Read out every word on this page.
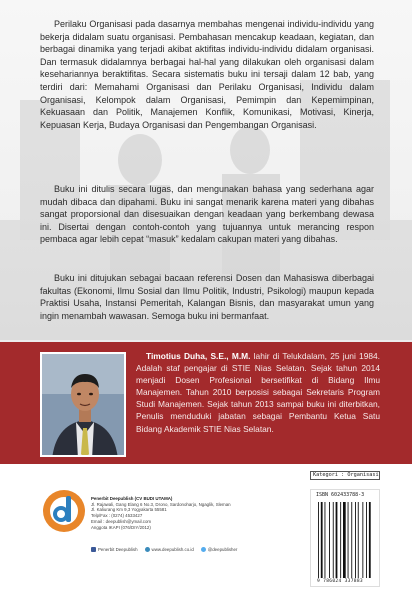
Perilaku Organisasi pada dasarnya membahas mengenai individu-individu yang bekerja didalam suatu organisasi. Pembahasan mencakup keadaan, kegiatan, dan berbagai dinamika yang terjadi akibat aktifitas individu-individu didalam organisasi. Dan termasuk didalamnya berbagai hal-hal yang dilakukan oleh organisasi dalam kesehariannya beraktifitas. Secara sistematis buku ini tersaji dalam 12 bab, yang terdiri dari: Memahami Organisasi dan Perilaku Organisasi, Individu dalam Organisasi, Kelompok dalam Organisasi, Pemimpin dan Kepemimpinan, Kekuasaan dan Politik, Manajemen Konflik, Komunikasi, Motivasi, Kinerja, Kepuasan Kerja, Budaya Organisasi dan Pengembangan Organisasi.

Buku ini ditulis secara lugas, dan mengunakan bahasa yang sederhana agar mudah dibaca dan dipahami. Buku ini sangat menarik karena materi yang dibahas sangat proporsional dan disesuaikan dengan keadaan yang berkembang dewasa ini. Disertai dengan contoh-contoh yang tujuannya untuk merancing respon pembaca agar lebih cepat “masuk” kedalam cakupan materi yang dibahas.

Buku ini ditujukan sebagai bacaan referensi Dosen dan Mahasiswa diberbagai fakultas (Ekonomi, Ilmu Sosial dan Ilmu Politik, Industri, Psikologi) maupun kepada Praktisi Usaha, Instansi Pemeritah, Kalangan Bisnis, dan masyarakat umun yang ingin menambah wawasan. Semoga buku ini bermanfaat.

Timotius Duha, S.E., M.M. lahir di Telukdalam, 25 juni 1984. Adalah staf pengajar di STIE Nias Selatan. Sejak tahun 2014 menjadi Dosen Profesional bersetifikat di Bidang Ilmu Manajemen. Tahun 2010 berposisi sebagai Sekretaris Program Studi Manajemen. Sejak tahun 2013 sampai buku ini diterbitkan, Penulis menduduki jabatan sebagai Pembantu Ketua Satu Bidang Akademik STIE Nias Selatan.

Penerbit Deepublish (CV BUDI UTAMA)
Jl. Rajawali, Gang Elang 6 No.3, Drono, Sardonoharjo, Ngaglik, Sleman
Jl. Kaliurang Km 9,3 Yogyakarta 55581
Telp/Fax : (0274) 4533427
Email : deepublish@ymail.com
Anggota IKAPI (076/DIY/2012)
Penerbit Deepublish	www.deepublish.co.id	@deepublisher
Kategori : Organisasi
ISBN 602433788-3
9 786024 337883
